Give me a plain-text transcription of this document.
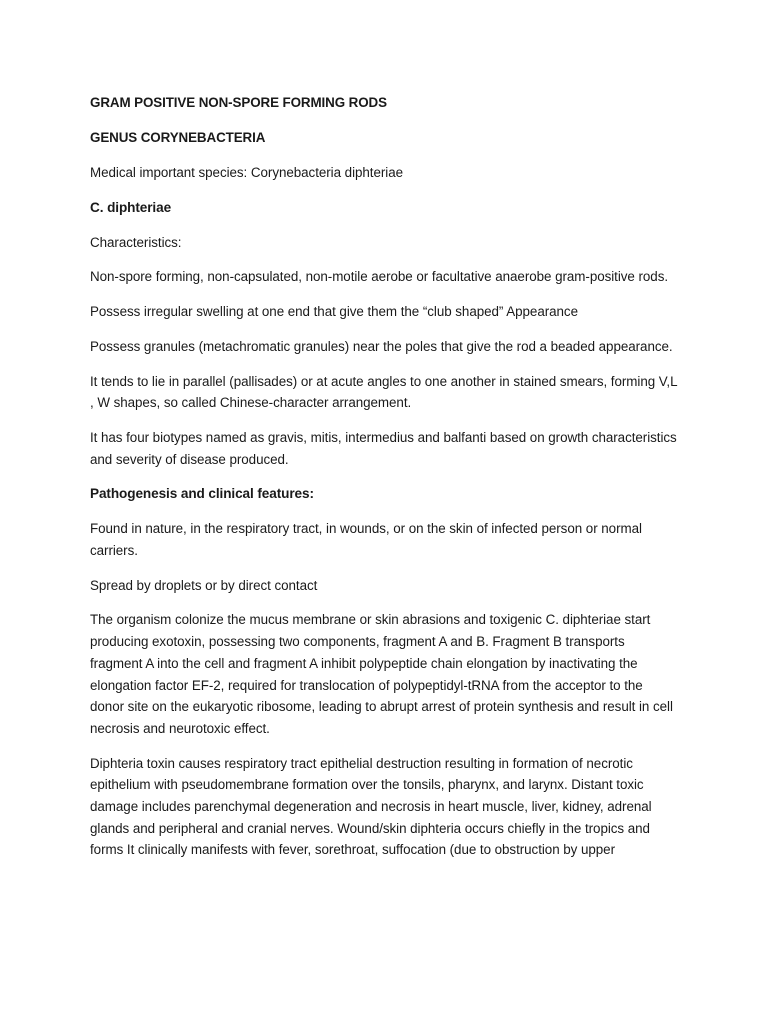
GRAM POSITIVE NON-SPORE FORMING RODS
GENUS CORYNEBACTERIA
Medical important species: Corynebacteria diphteriae
C. diphteriae
Characteristics:
Non-spore forming, non-capsulated, non-motile aerobe or facultative anaerobe gram-positive rods.
Possess irregular swelling at one end that give them the “club shaped” Appearance
Possess granules (metachromatic granules) near the poles that give the rod a beaded appearance.
It tends to lie in parallel (pallisades) or at acute angles to one another in stained smears, forming V,L , W shapes, so called Chinese-character arrangement.
It has four biotypes named as gravis, mitis, intermedius and balfanti based on growth characteristics and severity of disease produced.
Pathogenesis and clinical features:
Found in nature, in the respiratory tract, in wounds, or on the skin of infected person or normal carriers.
Spread by droplets or by direct contact
The organism colonize the mucus membrane or skin abrasions and toxigenic C. diphteriae start producing exotoxin, possessing two components, fragment A and B. Fragment B transports fragment A into the cell and fragment A inhibit polypeptide chain elongation by inactivating the elongation factor EF-2, required for translocation of polypeptidyl-tRNA from the acceptor to the donor site on the eukaryotic ribosome, leading to abrupt arrest of protein synthesis and result in cell necrosis and neurotoxic effect.
Diphteria toxin causes respiratory tract epithelial destruction resulting in formation of necrotic epithelium with pseudomembrane formation over the tonsils, pharynx, and larynx. Distant toxic damage includes parenchymal degeneration and necrosis in heart muscle, liver, kidney, adrenal glands and peripheral and cranial nerves. Wound/skin diphteria occurs chiefly in the tropics and forms It clinically manifests with fever, sorethroat, suffocation (due to obstruction by upper
